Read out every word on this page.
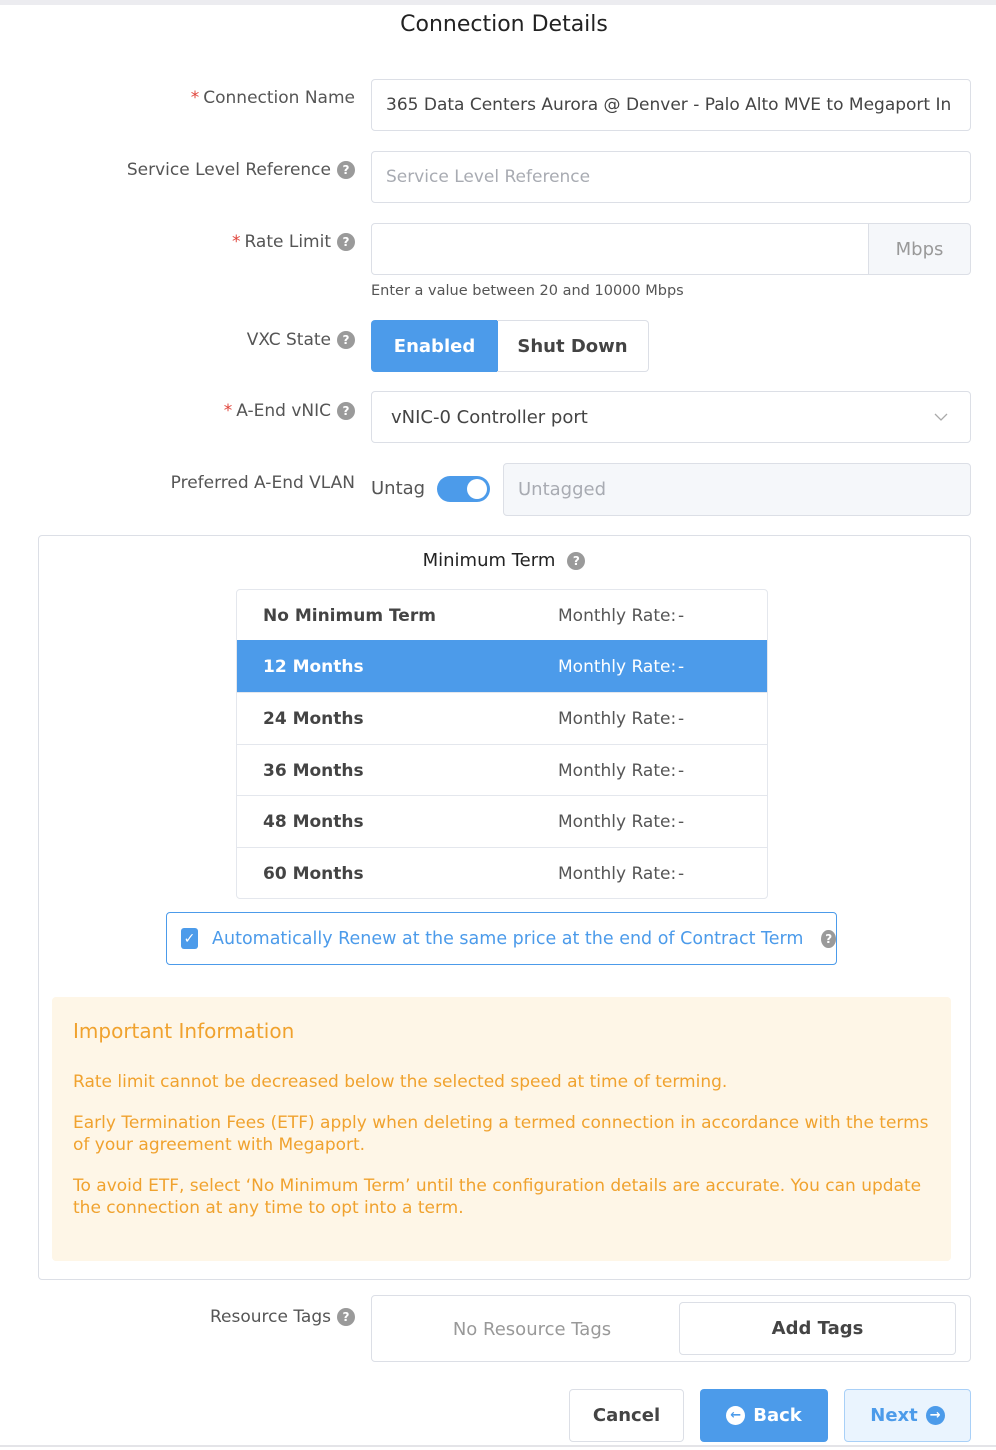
Connection Details
* Connection Name 365 Data Centers Aurora @ Denver - Palo Alto MVE to Megaport In
Service Level Reference ?	Service Level Reference
* Rate Limit ?	Mbps
Enter a value between 20 and 10000 Mbps
VXC State ?	Enabled	Shut Down
* A-End vNIC ?	vNIC-0 Controller port
Preferred A-End VLAN Untag	Untagged
Minimum Term	?
No Minimum Term	Monthly Rate: -
12 Months	Monthly Rate: -
24 Months	Monthly Rate: -
36 Months	Monthly Rate: -
48 Months	Monthly Rate: -
60 Months	Monthly Rate: -
✓ Automatically Renew at the same price at the end of Contract Term	?
Important Information

Rate limit cannot be decreased below the selected speed at time of terming.

Early Termination Fees (ETF) apply when deleting a termed connection in accordance with the terms of your agreement with Megaport.

To avoid ETF, select ‘No Minimum Term’ until the configuration details are accurate. You can update the connection at any time to opt into a term.

Resource Tags ?
No Resource Tags	Add Tags
Cancel	← Back	Next →
